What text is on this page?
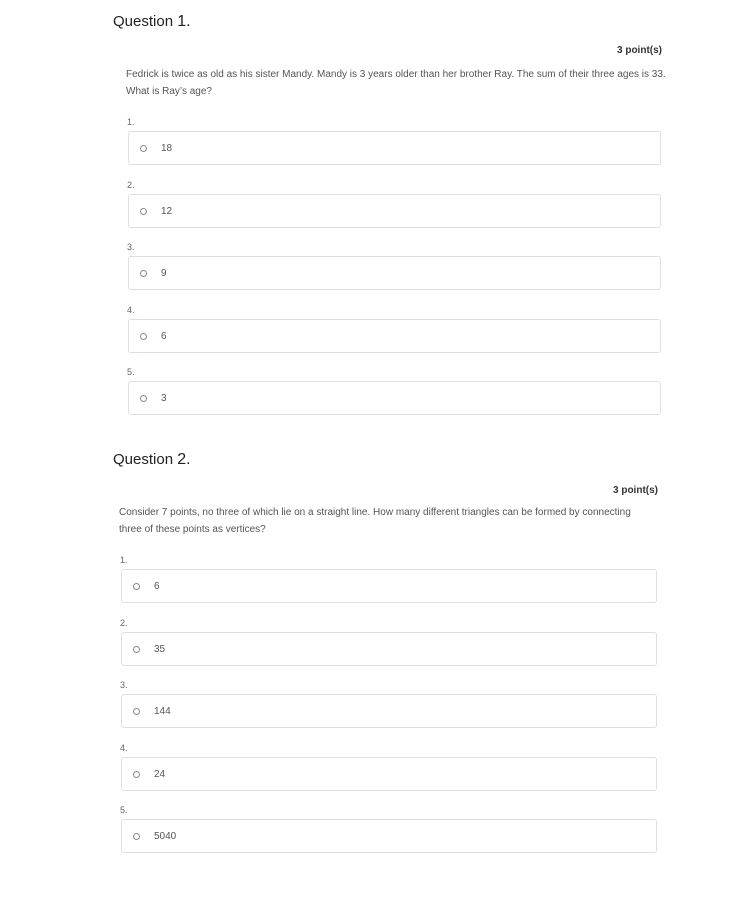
Question 1.
3 point(s)
Fedrick is twice as old as his sister Mandy. Mandy is 3 years older than her brother Ray. The sum of their three ages is 33. What is Ray’s age?
1.
18
2.
12
3.
9
4.
6
5.
3
Question 2.
3 point(s)
Consider 7 points, no three of which lie on a straight line. How many different triangles can be formed by connecting three of these points as vertices?
1.
6
2.
35
3.
144
4.
24
5.
5040
